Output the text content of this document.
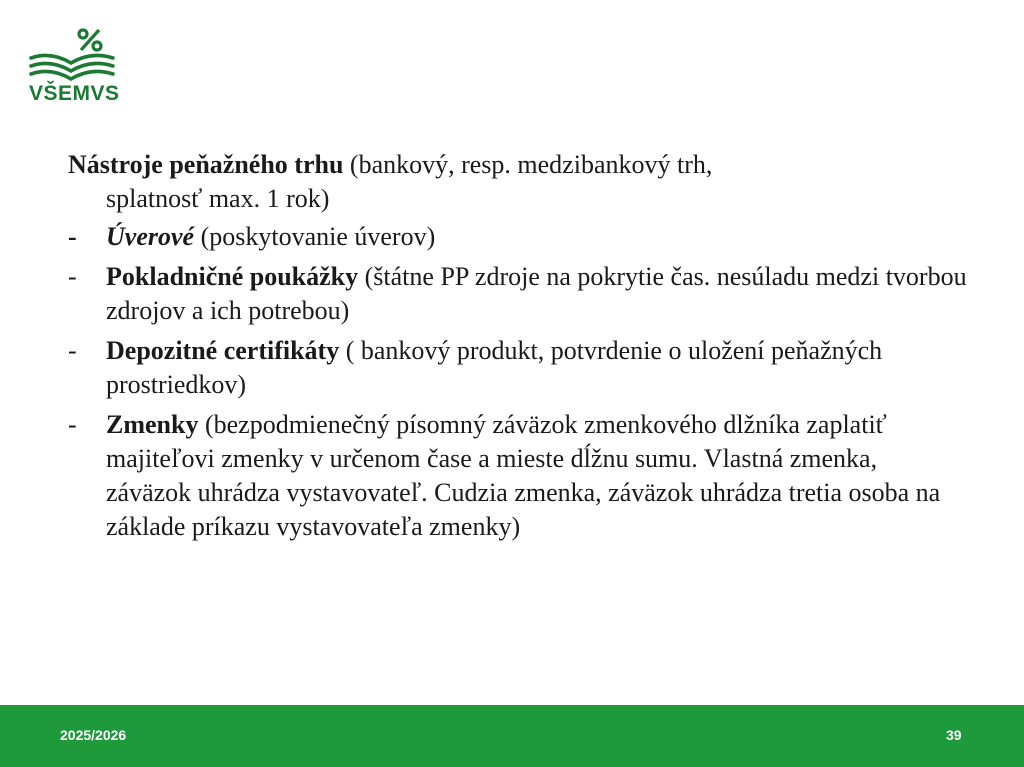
VŠEMVS

Nástroje peňažného trhu (bankový, resp. medzibankový trh,

splatnosť max. 1 rok)

- Úverové (poskytovanie úverov)
- Pokladničné poukážky (štátne PP zdroje na pokrytie čas. nesúladu medzi tvorbou zdrojov a ich potrebou)
- Depozitné certifikáty ( bankový produkt, potvrdenie o uložení peňažných prostriedkov)
- Zmenky (bezpodmienečný písomný záväzok zmenkového dlžníka zaplatiť majiteľovi zmenky v určenom čase a mieste dĺžnu sumu. Vlastná zmenka, záväzok uhrádza vystavovateľ. Cudzia zmenka, záväzok uhrádza tretia osoba na základe príkazu vystavovateľa zmenky)
2025/2026	39
